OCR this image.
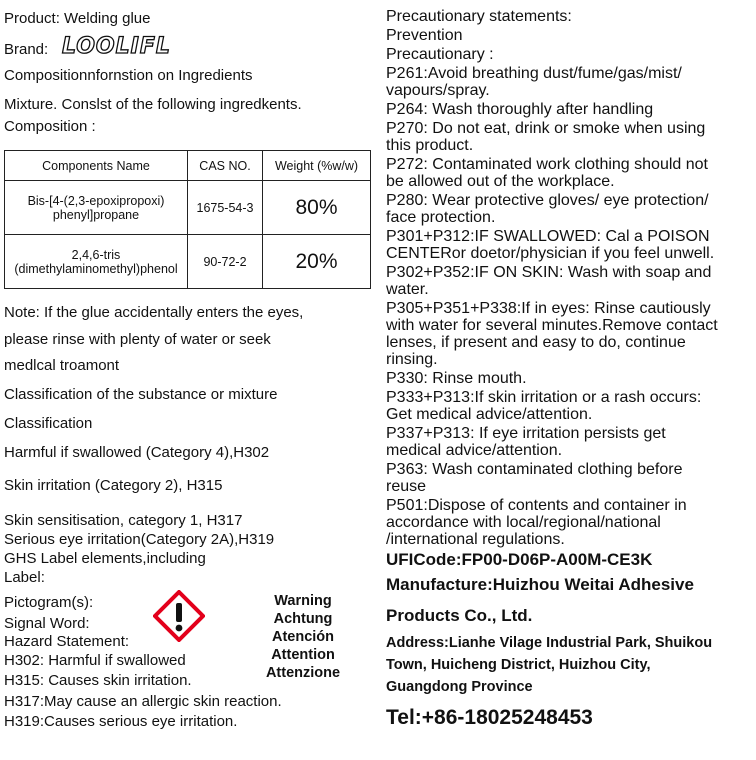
Product: Welding glue
Brand: LOOLIFL
Compositionnfornstion on Ingredients
Mixture. Conslst of the following ingredkents.
Composition :
Components Name	CAS NO.	Weight (%w/w)

Bis-[4-(2,3-epoxipropoxi)
phenyl]propane	1675-54-3	80%

2,4,6-tris
(dimethylaminomethyl)phenol	90-72-2	20%
Note: If the glue accidentally enters the eyes,
please rinse with plenty of water or seek
medlcal troamont
Classification of the substance or mixture
Classification
Harmful if swallowed (Category 4),H302
Skin irritation (Category 2), H315
Skin sensitisation, category 1, H317
Serious eye irritation(Category 2A),H319
GHS Label elements,including
Label:
Pictogram(s):
Signal Word:
Hazard Statement:
H302: Harmful if swallowed
H315: Causes skin irritation.
H317:May cause an allergic skin reaction.
H319:Causes serious eye irritation.
Warning
Achtung
Atención
Attention
Attenzione
Precautionary statements:
Prevention
Precautionary :
P261:Avoid breathing dust/fume/gas/mist/
vapours/spray.
P264: Wash thoroughly after handling
P270: Do not eat, drink or smoke when using
this product.
P272: Contaminated work clothing should not
be allowed out of the workplace.
P280: Wear protective gloves/ eye protection/
face protection.
P301+P312:IF SWALLOWED: Cal a POISON
CENTERor doetor/physician if you feel unwell.
P302+P352:IF ON SKIN: Wash with soap and
water.
P305+P351+P338:If in eyes: Rinse cautiously
with water for several minutes.Remove contact
lenses, if present and easy to do, continue
rinsing.
P330: Rinse mouth.
P333+P313:If skin irritation or a rash occurs:
Get medical advice/attention.
P337+P313: If eye irritation persists get
medical advice/attention.
P363: Wash contaminated clothing before
reuse
P501:Dispose of contents and container in
accordance with local/regional/national
/international regulations.
UFICode:FP00-D06P-A00M-CE3K
Manufacture:Huizhou Weitai Adhesive
Products Co., Ltd.
Address:Lianhe Vilage Industrial Park, Shuikou
Town, Huicheng District, Huizhou City,
Guangdong Province
Tel:+86-18025248453
